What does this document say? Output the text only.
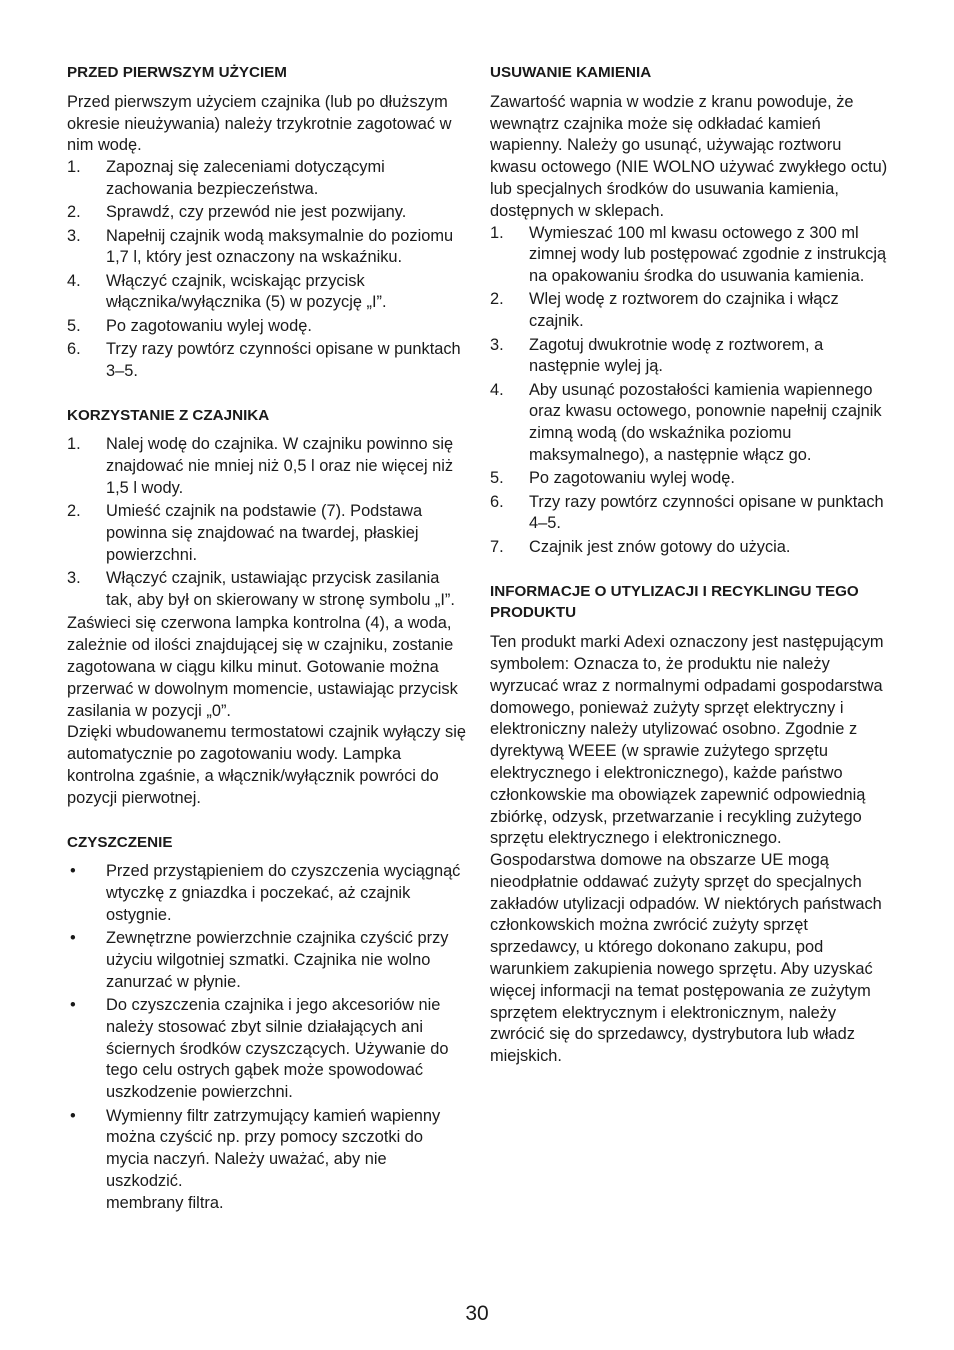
PRZED PIERWSZYM UŻYCIEM

Przed pierwszym użyciem czajnika (lub po dłuższym okresie nieużywania) należy trzykrotnie zagotować w nim wodę.

1. Zapoznaj się zaleceniami dotyczącymi zachowania bezpieczeństwa.
2. Sprawdź, czy przewód nie jest pozwijany.
3. Napełnij czajnik wodą maksymalnie do poziomu 1,7 l, który jest oznaczony na wskaźniku.
4. Włączyć czajnik, wciskając przycisk włącznika/wyłącznika (5) w pozycję „I”.
5. Po zagotowaniu wylej wodę.
6. Trzy razy powtórz czynności opisane w punktach 3–5.
KORZYSTANIE Z CZAJNIKA
1. Nalej wodę do czajnika. W czajniku powinno się znajdować nie mniej niż 0,5 l oraz nie więcej niż 1,5 l wody.
2. Umieść czajnik na podstawie (7). Podstawa powinna się znajdować na twardej, płaskiej powierzchni.
3. Włączyć czajnik, ustawiając przycisk zasilania tak, aby był on skierowany w stronę symbolu „I”.

Zaświeci się czerwona lampka kontrolna (4), a woda, zależnie od ilości znajdującej się w czajniku, zostanie zagotowana w ciągu kilku minut. Gotowanie można przerwać w dowolnym momencie, ustawiając przycisk zasilania w pozycji „0”.

Dzięki wbudowanemu termostatowi czajnik wyłączy się automatycznie po zagotowaniu wody. Lampka kontrolna zgaśnie, a włącznik/wyłącznik powróci do pozycji pierwotnej.

CZYSZCZENIE
• Przed przystąpieniem do czyszczenia wyciągnąć wtyczkę z gniazdka i poczekać, aż czajnik ostygnie.
• Zewnętrzne powierzchnie czajnika czyścić przy użyciu wilgotniej szmatki. Czajnika nie wolno zanurzać w płynie.
• Do czyszczenia czajnika i jego akcesoriów nie należy stosować zbyt silnie działających ani ściernych środków czyszczących. Używanie do tego celu ostrych gąbek może spowodować uszkodzenie powierzchni.
• Wymienny filtr zatrzymujący kamień wapienny można czyścić np. przy pomocy szczotki do mycia naczyń. Należy uważać, aby nie uszkodzić.
membrany filtra.
USUWANIE KAMIENIA

Zawartość wapnia w wodzie z kranu powoduje, że wewnątrz czajnika może się odkładać kamień wapienny. Należy go usunąć, używając roztworu kwasu octowego (NIE WOLNO używać zwykłego octu) lub specjalnych środków do usuwania kamienia, dostępnych w sklepach.

1. Wymieszać 100 ml kwasu octowego z 300 ml zimnej wody lub postępować zgodnie z instrukcją na opakowaniu środka do usuwania kamienia.
2. Wlej wodę z roztworem do czajnika i włącz czajnik.
3. Zagotuj dwukrotnie wodę z roztworem, a następnie wylej ją.
4. Aby usunąć pozostałości kamienia wapiennego oraz kwasu octowego, ponownie napełnij czajnik zimną wodą (do wskaźnika poziomu maksymalnego), a następnie włącz go.
5. Po zagotowaniu wylej wodę.
6. Trzy razy powtórz czynności opisane w punktach 4–5.
7. Czajnik jest znów gotowy do użycia.
INFORMACJE O UTYLIZACJI I RECYKLINGU TEGO PRODUKTU

Ten produkt marki Adexi oznaczony jest następującym symbolem: Oznacza to, że produktu nie należy wyrzucać wraz z normalnymi odpadami gospodarstwa domowego, ponieważ zużyty sprzęt elektryczny i elektroniczny należy utylizować osobno. Zgodnie z dyrektywą WEEE (w sprawie zużytego sprzętu elektrycznego i elektronicznego), każde państwo członkowskie ma obowiązek zapewnić odpowiednią zbiórkę, odzysk, przetwarzanie i recykling zużytego sprzętu elektrycznego i elektronicznego. Gospodarstwa domowe na obszarze UE mogą nieodpłatnie oddawać zużyty sprzęt do specjalnych zakładów utylizacji odpadów. W niektórych państwach członkowskich można zwrócić zużyty sprzęt sprzedawcy, u którego dokonano zakupu, pod warunkiem zakupienia nowego sprzętu. Aby uzyskać więcej informacji na temat postępowania ze zużytym sprzętem elektrycznym i elektronicznym, należy zwrócić się do sprzedawcy, dystrybutora lub władz miejskich.

30
